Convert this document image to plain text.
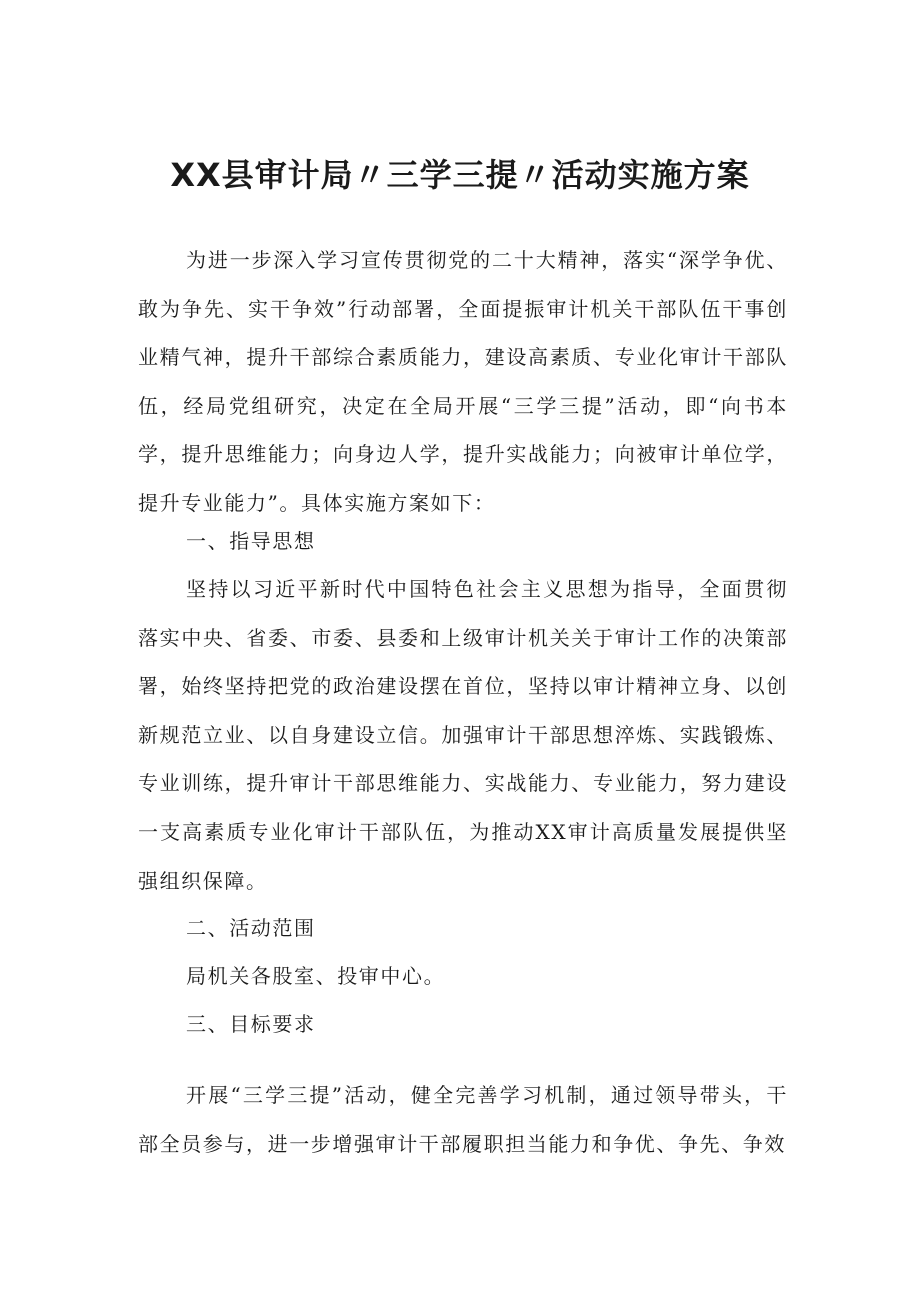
XX县审计局〃三学三提〃活动实施方案

为进一步深入学习宣传贯彻党的二十大精神，落实“深学争优、敢为争先、实干争效”行动部署，全面提振审计机关干部队伍干事创业精气神，提升干部综合素质能力，建设高素质、专业化审计干部队伍，经局党组研究，决定在全局开展“三学三提”活动，即“向书本学，提升思维能力；向身边人学，提升实战能力；向被审计单位学，提升专业能力”。具体实施方案如下：

一、指导思想

坚持以习近平新时代中国特色社会主义思想为指导，全面贯彻落实中央、省委、市委、县委和上级审计机关关于审计工作的决策部署，始终坚持把党的政治建设摆在首位，坚持以审计精神立身、以创新规范立业、以自身建设立信。加强审计干部思想淬炼、实践锻炼、专业训练，提升审计干部思维能力、实战能力、专业能力，努力建设一支高素质专业化审计干部队伍，为推动XX审计高质量发展提供坚强组织保障。

二、活动范围

局机关各股室、投审中心。

三、目标要求

开展“三学三提”活动，健全完善学习机制，通过领导带头，干部全员参与，进一步增强审计干部履职担当能力和争优、争先、争效
